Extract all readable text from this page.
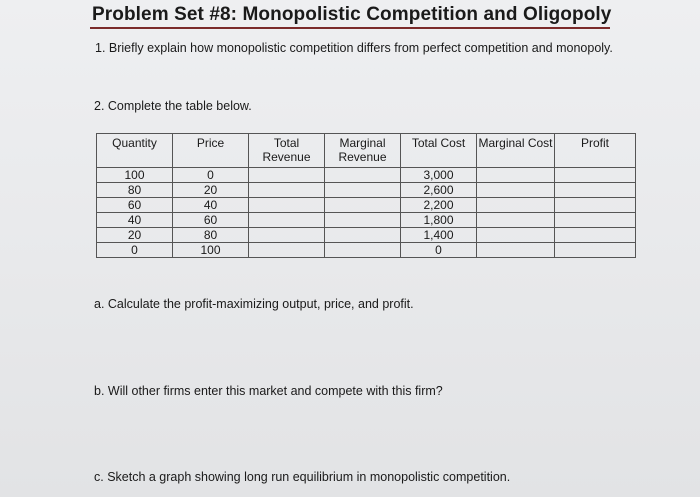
Problem Set #8: Monopolistic Competition and Oligopoly
1. Briefly explain how monopolistic competition differs from perfect competition and monopoly.
2. Complete the table below.
Quantity	Price	Total Revenue	Marginal Revenue	Total Cost	Marginal Cost	Profit
100	0			3,000		
80	20			2,600		
60	40			2,200		
40	60			1,800		
20	80			1,400		
0	100			0		
a. Calculate the profit-maximizing output, price, and profit.
b. Will other firms enter this market and compete with this firm?
c. Sketch a graph showing long run equilibrium in monopolistic competition.
